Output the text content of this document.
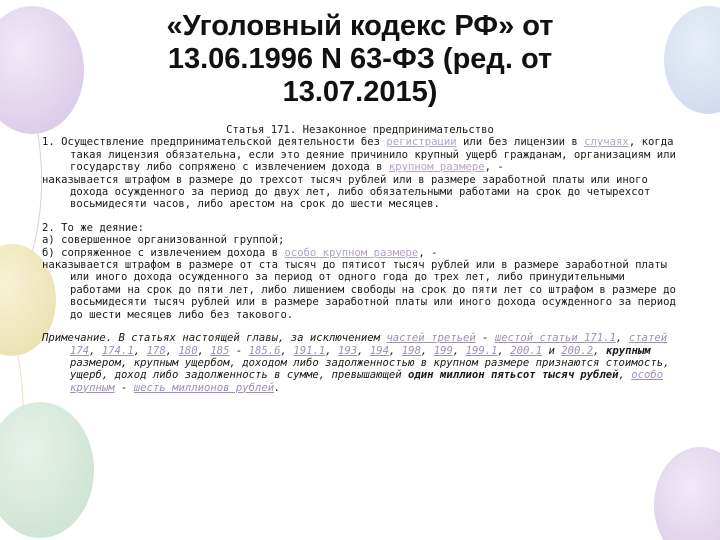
«Уголовный кодекс РФ» от 13.06.1996 N 63-ФЗ (ред. от 13.07.2015)

Статья 171. Незаконное предпринимательство

1. Осуществление предпринимательской деятельности без регистрации или без лицензии в случаях, когда такая лицензия обязательна, если это деяние причинило крупный ущерб гражданам, организациям или государству либо сопряжено с извлечением дохода в крупном размере, -

наказывается штрафом в размере до трехсот тысяч рублей или в размере заработной платы или иного дохода осужденного за период до двух лет, либо обязательными работами на срок до четырехсот восьмидесяти часов, либо арестом на срок до шести месяцев.

2. То же деяние:

а) совершенное организованной группой;

б) сопряженное с извлечением дохода в особо крупном размере, -

наказывается штрафом в размере от ста тысяч до пятисот тысяч рублей или в размере заработной платы или иного дохода осужденного за период от одного года до трех лет, либо принудительными работами на срок до пяти лет, либо лишением свободы на срок до пяти лет со штрафом в размере до восьмидесяти тысяч рублей или в размере заработной платы или иного дохода осужденного за период до шести месяцев либо без такового.

Примечание. В статьях настоящей главы, за исключением частей третьей - шестой статьи 171.1, статей 174, 174.1, 178, 180, 185 - 185.6, 191.1, 193, 194, 198, 199, 199.1, 200.1 и 200.2, крупным размером, крупным ущербом, доходом либо задолженностью в крупном размере признаются стоимость, ущерб, доход либо задолженность в сумме, превышающей один миллион пятьсот тысяч рублей, особо крупным - шесть миллионов рублей.
